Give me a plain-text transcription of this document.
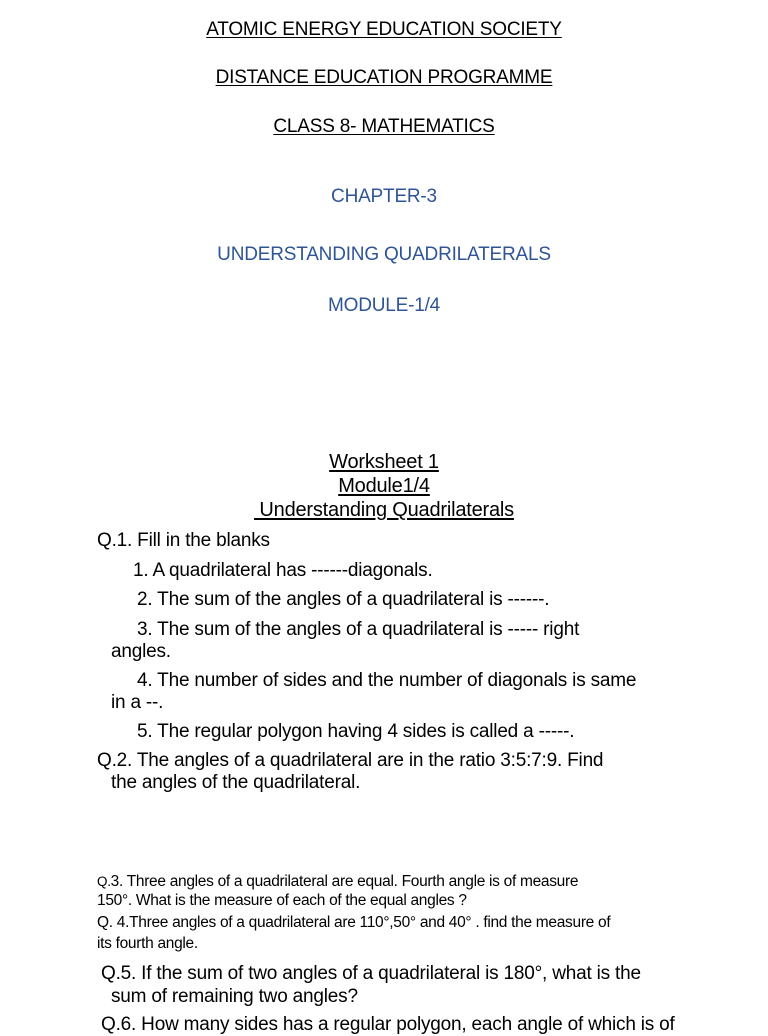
ATOMIC ENERGY EDUCATION SOCIETY
DISTANCE EDUCATION PROGRAMME
CLASS 8- MATHEMATICS
CHAPTER-3
UNDERSTANDING QUADRILATERALS
MODULE-1/4
Worksheet 1
Module1/4
Understanding Quadrilaterals
Q.1. Fill in the blanks
1. A quadrilateral has ------diagonals.
2. The sum of the angles of a quadrilateral is ------.
3. The sum of the angles of a quadrilateral is ----- right
angles.
4. The number of sides and the number of diagonals is same
in a --.
5. The regular polygon having 4 sides is called a -----.
Q.2. The angles of a quadrilateral are in the ratio 3:5:7:9. Find
the angles of the quadrilateral.
Q.3. Three angles of a quadrilateral are equal. Fourth angle is of measure
150°. What is the measure of each of the equal angles ?
Q. 4.Three angles of a quadrilateral are 110°,50° and 40° . find the measure of
its fourth angle.
Q.5. If the sum of two angles of a quadrilateral is 180°, what is the
sum of remaining two angles?
Q.6. How many sides has a regular polygon, each angle of which is of
